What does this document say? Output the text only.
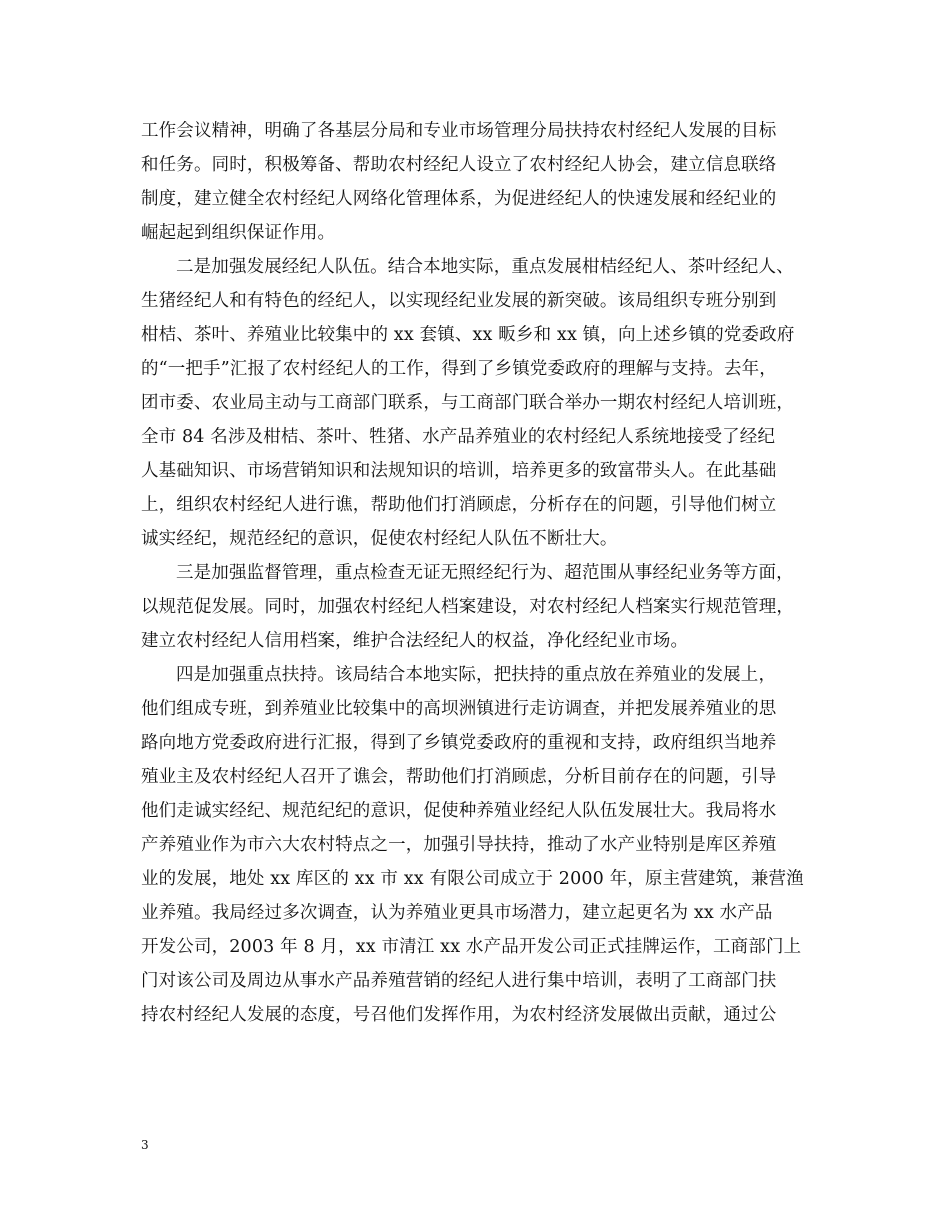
工作会议精神，明确了各基层分局和专业市场管理分局扶持农村经纪人发展的目标
和任务。同时，积极筹备、帮助农村经纪人设立了农村经纪人协会，建立信息联络
制度，建立健全农村经纪人网络化管理体系，为促进经纪人的快速发展和经纪业的
崛起起到组织保证作用。
二是加强发展经纪人队伍。结合本地实际，重点发展柑桔经纪人、茶叶经纪人、
生猪经纪人和有特色的经纪人，以实现经纪业发展的新突破。该局组织专班分别到
柑桔、茶叶、养殖业比较集中的 xx 套镇、xx 畈乡和 xx 镇，向上述乡镇的党委政府
的“一把手”汇报了农村经纪人的工作，得到了乡镇党委政府的理解与支持。去年，
团市委、农业局主动与工商部门联系，与工商部门联合举办一期农村经纪人培训班，
全市 84 名涉及柑桔、茶叶、牲猪、水产品养殖业的农村经纪人系统地接受了经纪
人基础知识、市场营销知识和法规知识的培训，培养更多的致富带头人。在此基础
上，组织农村经纪人进行谯，帮助他们打消顾虑，分析存在的问题，引导他们树立
诚实经纪，规范经纪的意识，促使农村经纪人队伍不断壮大。
三是加强监督管理，重点检查无证无照经纪行为、超范围从事经纪业务等方面，
以规范促发展。同时，加强农村经纪人档案建设，对农村经纪人档案实行规范管理，
建立农村经纪人信用档案，维护合法经纪人的权益，净化经纪业市场。
四是加强重点扶持。该局结合本地实际，把扶持的重点放在养殖业的发展上，
他们组成专班，到养殖业比较集中的高坝洲镇进行走访调查，并把发展养殖业的思
路向地方党委政府进行汇报，得到了乡镇党委政府的重视和支持，政府组织当地养
殖业主及农村经纪人召开了谯会，帮助他们打消顾虑，分析目前存在的问题，引导
他们走诚实经纪、规范纪纪的意识，促使种养殖业经纪人队伍发展壮大。我局将水
产养殖业作为市六大农村特点之一，加强引导扶持，推动了水产业特别是库区养殖
业的发展，地处 xx 库区的 xx 市 xx 有限公司成立于 2000 年，原主营建筑，兼营渔
业养殖。我局经过多次调查，认为养殖业更具市场潜力，建立起更名为 xx 水产品
开发公司，2003 年 8 月，xx 市清江 xx 水产品开发公司正式挂牌运作，工商部门上
门对该公司及周边从事水产品养殖营销的经纪人进行集中培训，表明了工商部门扶
持农村经纪人发展的态度，号召他们发挥作用，为农村经济发展做出贡献，通过公
3
